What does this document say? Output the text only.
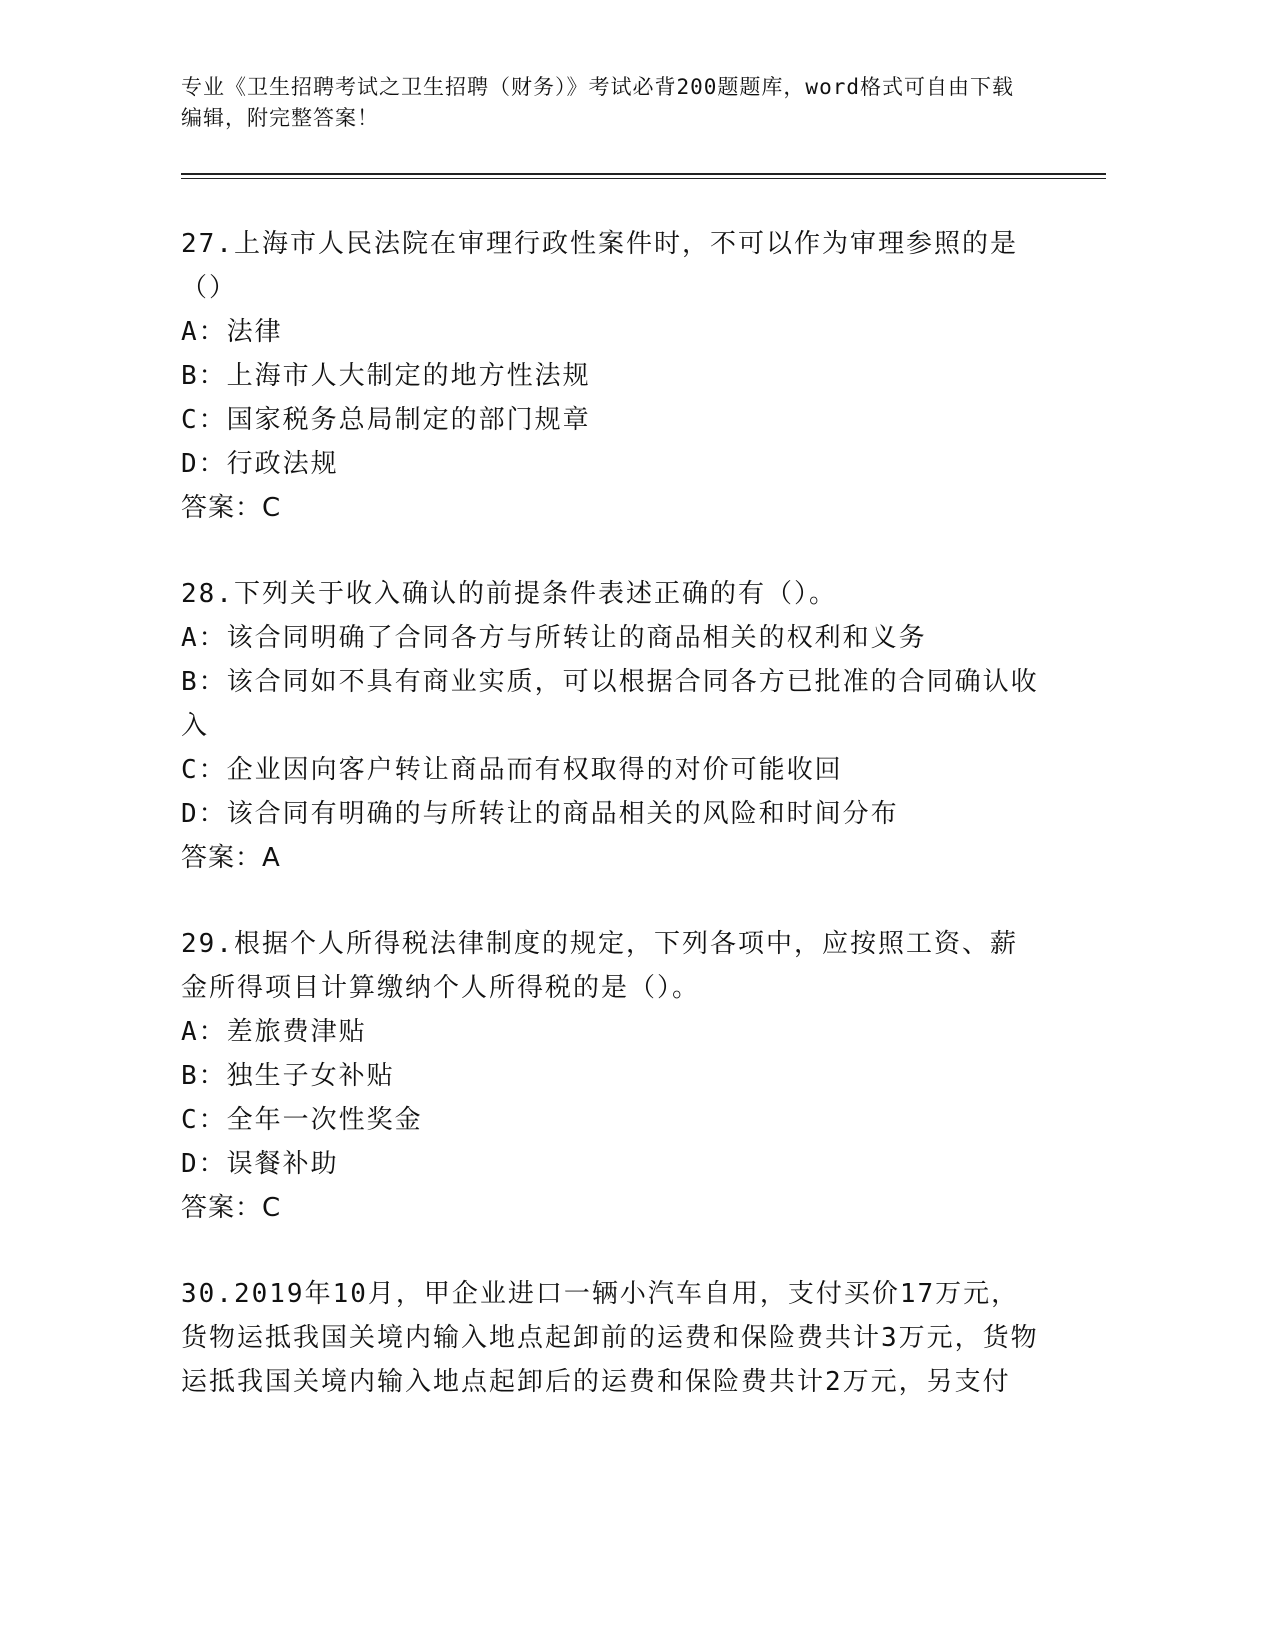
专业《卫生招聘考试之卫生招聘（财务）》考试必背200题题库，word格式可自由下载编辑，附完整答案！
27.上海市人民法院在审理行政性案件时，不可以作为审理参照的是（）
A：法律
B：上海市人大制定的地方性法规
C：国家税务总局制定的部门规章
D：行政法规
答案：C
28.下列关于收入确认的前提条件表述正确的有（）。
A：该合同明确了合同各方与所转让的商品相关的权利和义务
B：该合同如不具有商业实质，可以根据合同各方已批准的合同确认收入
C：企业因向客户转让商品而有权取得的对价可能收回
D：该合同有明确的与所转让的商品相关的风险和时间分布
答案：A
29.根据个人所得税法律制度的规定，下列各项中，应按照工资、薪金所得项目计算缴纳个人所得税的是（）。
A：差旅费津贴
B：独生子女补贴
C：全年一次性奖金
D：误餐补助
答案：C
30.2019年10月，甲企业进口一辆小汽车自用，支付买价17万元，货物运抵我国关境内输入地点起卸前的运费和保险费共计3万元，货物运抵我国关境内输入地点起卸后的运费和保险费共计2万元，另支付
